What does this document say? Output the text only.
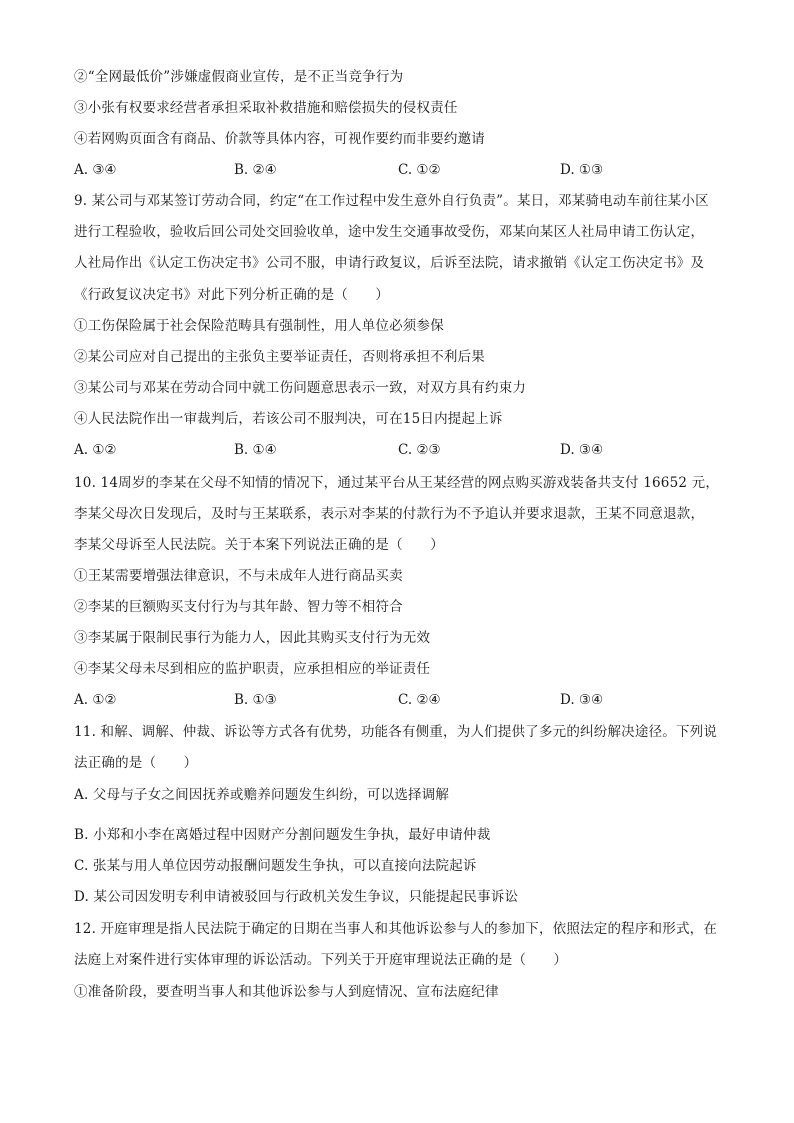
②“全网最低价”涉嫌虚假商业宣传，是不正当竞争行为
③小张有权要求经营者承担采取补救措施和赔偿损失的侵权责任
④若网购页面含有商品、价款等具体内容，可视作要约而非要约邀请
A. ③④	B. ②④	C. ①②	D. ①③
9. 某公司与邓某签订劳动合同，约定“在工作过程中发生意外自行负责”。某日，邓某骑电动车前往某小区
进行工程验收，验收后回公司处交回验收单，途中发生交通事故受伤，邓某向某区人社局申请工伤认定，
人社局作出《认定工伤决定书》公司不服，申请行政复议，后诉至法院，请求撤销《认定工伤决定书》及
《行政复议决定书》对此下列分析正确的是（　　）
①工伤保险属于社会保险范畴具有强制性，用人单位必须参保
②某公司应对自己提出的主张负主要举证责任，否则将承担不利后果
③某公司与邓某在劳动合同中就工伤问题意思表示一致，对双方具有约束力
④人民法院作出一审裁判后，若该公司不服判决，可在15日内提起上诉
A. ①②	B. ①④	C. ②③	D. ③④
10. 14周岁的李某在父母不知情的情况下，通过某平台从王某经营的网点购买游戏装备共支付 16652 元，
李某父母次日发现后，及时与王某联系，表示对李某的付款行为不予追认并要求退款，王某不同意退款，
李某父母诉至人民法院。关于本案下列说法正确的是（　　）
①王某需要增强法律意识，不与未成年人进行商品买卖
②李某的巨额购买支付行为与其年龄、智力等不相符合
③李某属于限制民事行为能力人，因此其购买支付行为无效
④李某父母未尽到相应的监护职责，应承担相应的举证责任
A. ①②	B. ①③	C. ②④	D. ③④
11. 和解、调解、仲裁、诉讼等方式各有优势，功能各有侧重，为人们提供了多元的纠纷解决途径。下列说
法正确的是（　　）
A. 父母与子女之间因抚养或赡养问题发生纠纷，可以选择调解
B. 小郑和小李在离婚过程中因财产分割问题发生争执，最好申请仲裁
C. 张某与用人单位因劳动报酬问题发生争执，可以直接向法院起诉
D. 某公司因发明专利申请被驳回与行政机关发生争议，只能提起民事诉讼
12. 开庭审理是指人民法院于确定的日期在当事人和其他诉讼参与人的参加下，依照法定的程序和形式，在
法庭上对案件进行实体审理的诉讼活动。下列关于开庭审理说法正确的是（　　）
①准备阶段，要查明当事人和其他诉讼参与人到庭情况、宣布法庭纪律
